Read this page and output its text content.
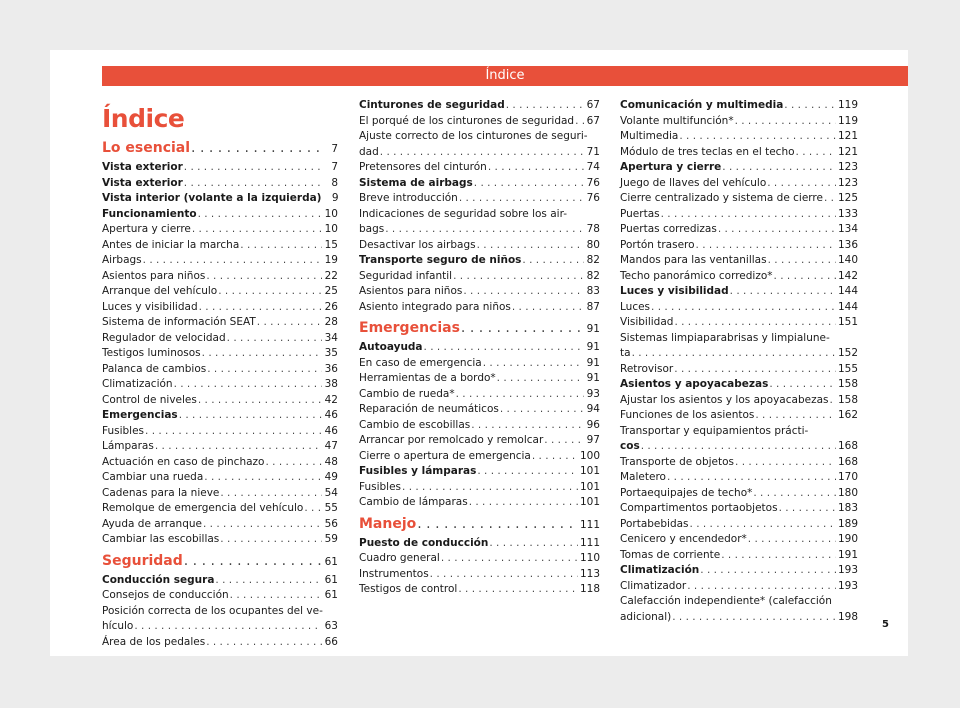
Índice
Índice
Lo esencial . . .	7
Vista exterior . . .	7
Vista exterior . . .	8
Vista interior (volante a la izquierda) 9
Funcionamiento . . .	10
Apertura y cierre . . .	10
Antes de iniciar la marcha . . .	15
Airbags . . .	19
Asientos para niños . . .	22
Arranque del vehículo . . .	25
Luces y visibilidad . . .	26
Sistema de información SEAT . . .	28
Regulador de velocidad . . .	34
Testigos luminosos . . .	35
Palanca de cambios . . .	36
Climatización . . .	38
Control de niveles . . .	42
Emergencias . . .	46
Fusibles . . .	46
Lámparas . . .	47
Actuación en caso de pinchazo . . .	48
Cambiar una rueda . . .	49
Cadenas para la nieve . . .	54
Remolque de emergencia del vehículo . . . 55
Ayuda de arranque . . .	56
Cambiar las escobillas . . .	59
Seguridad . . .	61
Conducción segura . . .	61
Consejos de conducción . . .	61
Posición correcta de los ocupantes del ve-
hículo . . .	63
Área de los pedales . . .	66
Cinturones de seguridad . . .	67
El porqué de los cinturones de seguridad . . . 67
Ajuste correcto de los cinturones de seguri-
dad . . .	71
Pretensores del cinturón . . .	74
Sistema de airbags . . .	76
Breve introducción . . .	76
Indicaciones de seguridad sobre los air-
bags . . .	78
Desactivar los airbags . . .	80
Transporte seguro de niños . . .	82
Seguridad infantil . . .	82
Asientos para niños . . .	83
Asiento integrado para niños . . .	87
Emergencias . . .	91
Autoayuda . . .	91
En caso de emergencia . . .	91
Herramientas de a bordo* . . .	91
Cambio de rueda* . . .	93
Reparación de neumáticos . . .	94
Cambio de escobillas . . .	96
Arrancar por remolcado y remolcar . . .	97
Cierre o apertura de emergencia . . .	100
Fusibles y lámparas . . .	101
Fusibles . . .	101
Cambio de lámparas . . .	101
Manejo . . .	111
Puesto de conducción . . .	111
Cuadro general . . .	110
Instrumentos . . .	113
Testigos de control . . .	118
Comunicación y multimedia . . .	119
Volante multifunción* . . .	119
Multimedia . . .	121
Módulo de tres teclas en el techo . . .	121
Apertura y cierre . . .	123
Juego de llaves del vehículo . . .	123
Cierre centralizado y sistema de cierre . . . 125
Puertas . . .	133
Puertas corredizas . . .	134
Portón trasero . . .	136
Mandos para las ventanillas . . .	140
Techo panorámico corredizo* . . .	142
Luces y visibilidad . . .	144
Luces . . .	144
Visibilidad . . .	151
Sistemas limpiaparabrisas y limpialune-
ta . . .	152
Retrovisor . . .	155
Asientos y apoyacabezas . . .	158
Ajustar los asientos y los apoyacabezas . . . 158
Funciones de los asientos . . .	162
Transportar y equipamientos prácti-
cos . . .	168
Transporte de objetos . . .	168
Maletero . . .	170
Portaequipajes de techo* . . .	180
Compartimentos portaobjetos . . .	183
Portabebidas . . .	189
Cenicero y encendedor* . . .	190
Tomas de corriente . . .	191
Climatización . . .	193
Climatizador . . .	193
Calefacción independiente* (calefacción
adicional) . . .	198
5
